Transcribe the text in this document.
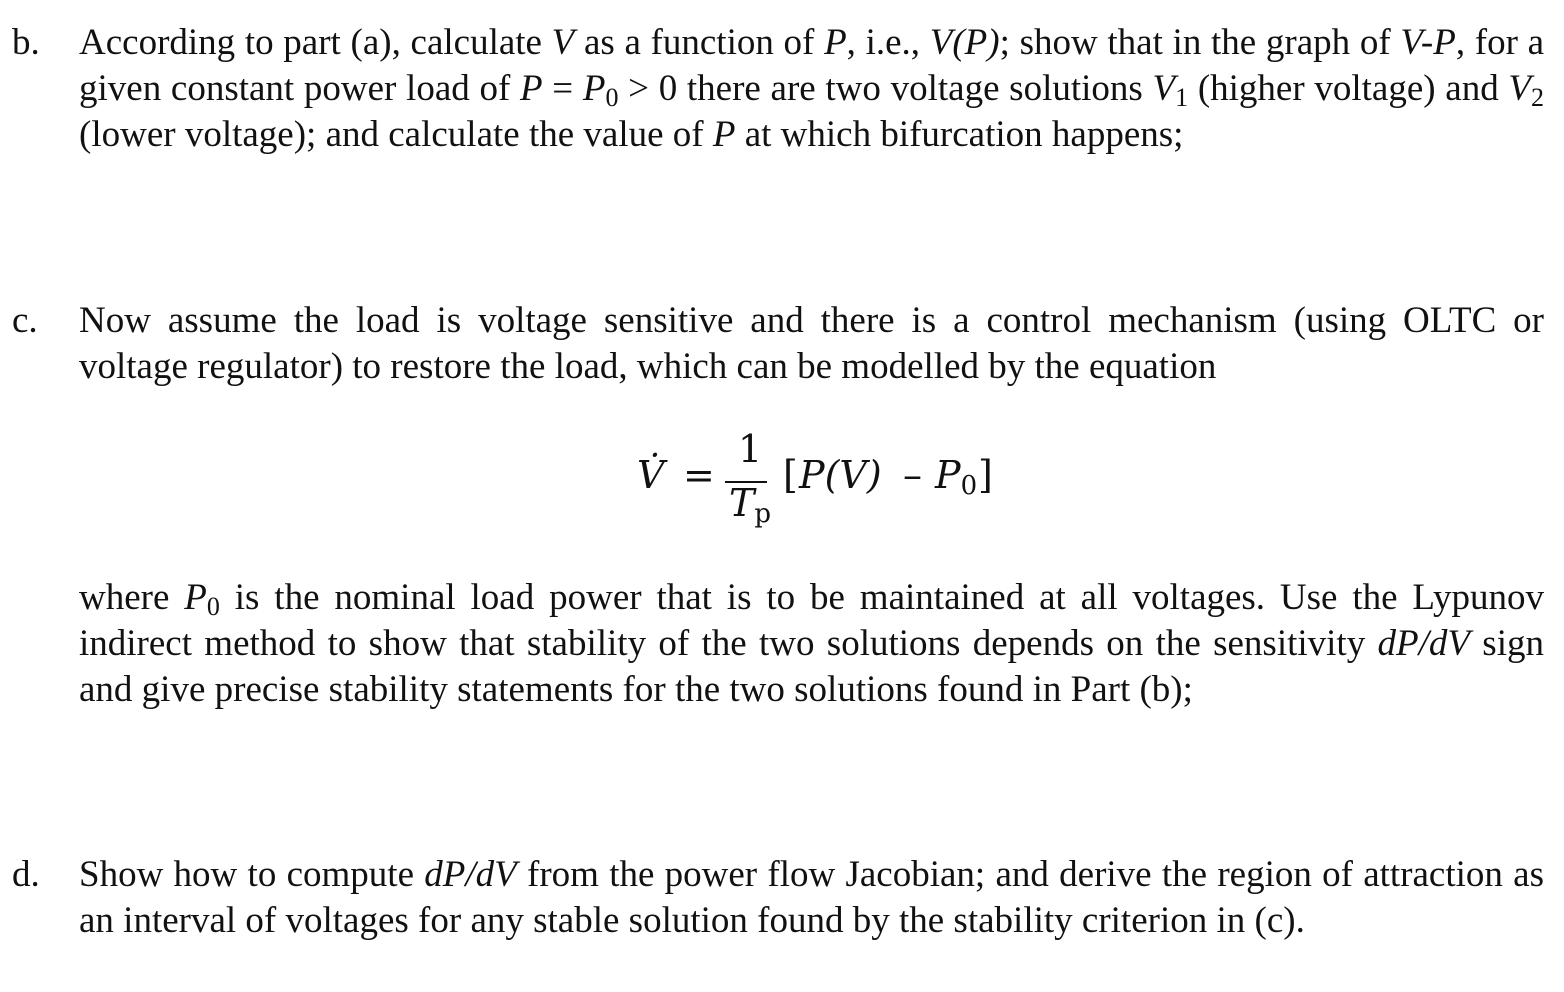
b. According to part (a), calculate V as a function of P, i.e., V(P); show that in the graph of V-P, for a given constant power load of $P = P_0 > 0$ there are two voltage solutions $V_1$ (higher voltage) and $V_2$ (lower voltage); and calculate the value of P at which bifurcation happens;
c. Now assume the load is voltage sensitive and there is a control mechanism (using OLTC or voltage regulator) to restore the load, which can be modelled by the equation
V̇ =
1
$T_p$
[ $P(V) - P_0$ ]
where $P_0$ is the nominal load power that is to be maintained at all voltages. Use the Lypunov indirect method to show that stability of the two solutions depends on the sensitivity dP/dV sign and give precise stability statements for the two solutions found in Part (b);
d. Show how to compute dP/dV from the power flow Jacobian; and derive the region of attraction as an interval of voltages for any stable solution found by the stability criterion in (c).
